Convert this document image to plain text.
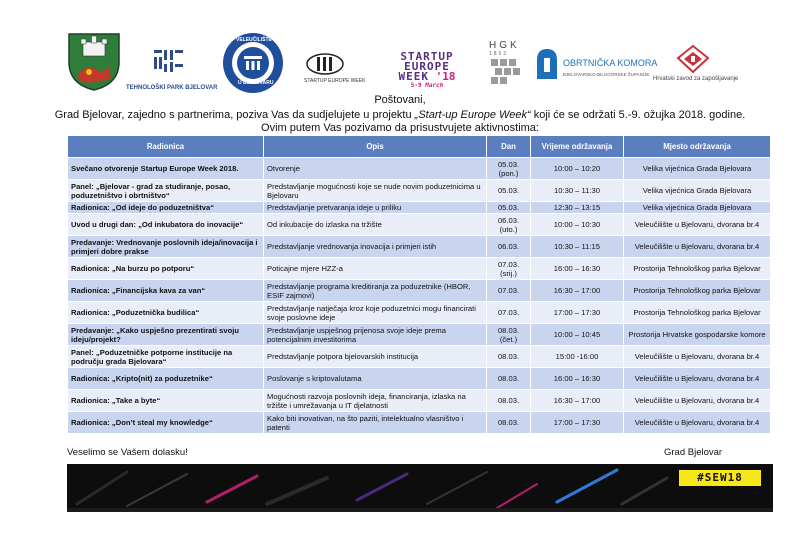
TEHNOLOŠKI PARK BJELOVAR
VELEUČILIŠTE
U BJELOVARU	STARTUP EUROPE WEEK
STARTUP
EUROPE
WEEK '18
5-9 March
HGK
1852
OBRTNIČKA KOMORA
BJELOVARSKO-BILOGORSKE ŽUPANIJE
Hrvatski zavod za zapošljavanje
Poštovani,
Grad Bjelovar, zajedno s partnerima, poziva Vas da sudjelujete u projektu „Start-up Europe Week“ koji će se održati 5.-9. ožujka 2018. godine.
Ovim putem Vas pozivamo da prisustvujete aktivnostima:
Radionica	Opis	Dan	Vrijeme održavanja	Mjesto održavanja
Svečano otvorenje Startup Europe Week 2018.	Otvorenje	05.03. (pon.)	10:00 – 10:20	Velika vijećnica Grada Bjelovara
Panel: „Bjelovar - grad za studiranje, posao, poduzetništvo i obrtništvo“	Predstavljanje mogućnosti koje se nude novim poduzetnicima u Bjelovaru	05.03.	10:30 – 11:30	Velika vijećnica Grada Bjelovara
Radionica: „Od ideje do poduzetništva“	Predstavljanje pretvaranja ideje u priliku	05.03.	12:30 – 13:15	Velika vijećnica Grada Bjelovara
Uvod u drugi dan: „Od inkubatora do inovacije“	Od inkubacije do izlaska na tržište	06.03. (uto.)	10:00 – 10:30	Veleučilište u Bjelovaru, dvorana br.4
Predavanje: Vrednovanje poslovnih ideja/inovacija i primjeri dobre prakse	Predstavljanje vrednovanja inovacija i primjeri istih	06.03.	10:30 – 11:15	Veleučilište u Bjelovaru, dvorana br.4
Radionica: „Na burzu po potporu“	Poticajne mjere HZZ-a	07.03. (srij.)	16:00 – 16:30	Prostorija Tehnološkog parka Bjelovar
Radionica: „Financijska kava za van“	Predstavljanje programa kreditiranja za poduzetnike (HBOR, ESIF zajmovi)	07.03.	16:30 – 17:00	Prostorija Tehnološkog parka Bjelovar
Radionica: „Poduzetnička budilica“	Predstavljanje natječaja kroz koje poduzetnici mogu financirati svoje poslovne ideje	07.03.	17:00 – 17:30	Prostorija Tehnološkog parka Bjelovar
Predavanje: „Kako uspješno prezentirati svoju ideju/projekt?	Predstavljanje uspješnog prijenosa svoje ideje prema potencijalnim investitorima	08.03. (čet.)	10:00 – 10:45	Prostorija Hrvatske gospodarske komore
Panel: „Poduzetničke potporne institucije na području grada Bjelovara“	Predstavljanje potpora bjelovarskih institucija	08.03.	15:00 -16:00	Veleučilište u Bjelovaru, dvorana br.4
Radionica: „Kripto(nit) za poduzetnike“	Poslovanje s kriptovalutama	08.03.	16:00 – 16:30	Veleučilište u Bjelovaru, dvorana br.4
Radionica: „Take a byte“	Mogućnosti razvoja poslovnih ideja, financiranja, izlaska na tržište i umrežavanja u IT djelatnosti	08.03.	16:30 – 17:00	Veleučilište u Bjelovaru, dvorana br.4
Radionica: „Don’t steal my knowledge“	Kako biti inovativan, na što paziti, intelektualno vlasništvo i patenti	08.03.	17:00 – 17:30	Veleučilište u Bjelovaru, dvorana br.4
Veselimo se Vašem dolasku!	Grad Bjelovar
#SEW18
